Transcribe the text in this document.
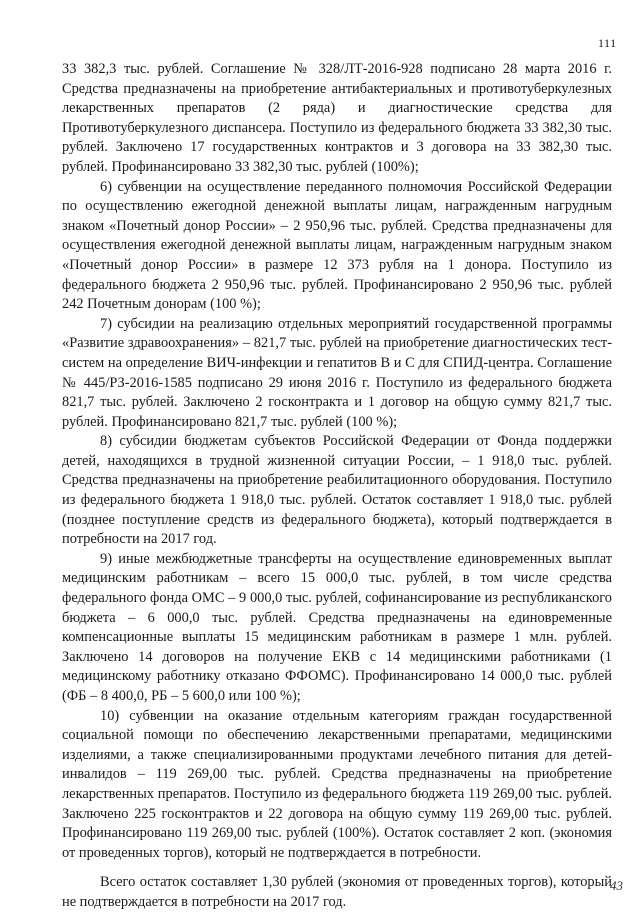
111

33 382,3 тыс. рублей. Соглашение № 328/ЛТ-2016-928 подписано 28 марта 2016 г. Средства предназначены на приобретение антибактериальных и противотуберкулезных лекарственных препаратов (2 ряда) и диагностические средства для Противотуберкулезного диспансера. Поступило из федерального бюджета 33 382,30 тыс. рублей. Заключено 17 государственных контрактов и 3 договора на 33 382,30 тыс. рублей. Профинансировано 33 382,30 тыс. рублей (100%);

6) субвенции на осуществление переданного полномочия Российской Федерации по осуществлению ежегодной денежной выплаты лицам, награжденным нагрудным знаком «Почетный донор России» – 2 950,96 тыс. рублей. Средства предназначены для осуществления ежегодной денежной выплаты лицам, награжденным нагрудным знаком «Почетный донор России» в размере 12 373 рубля на 1 донора. Поступило из федерального бюджета 2 950,96 тыс. рублей. Профинансировано 2 950,96 тыс. рублей 242 Почетным донорам (100 %);

7) субсидии на реализацию отдельных мероприятий государственной программы «Развитие здравоохранения» – 821,7 тыс. рублей на приобретение диагностических тест-систем на определение ВИЧ-инфекции и гепатитов В и С для СПИД-центра. Соглашение № 445/РЗ-2016-1585 подписано 29 июня 2016 г. Поступило из федерального бюджета 821,7 тыс. рублей. Заключено 2 госконтракта и 1 договор на общую сумму 821,7 тыс. рублей. Профинансировано 821,7 тыс. рублей (100 %);

8) субсидии бюджетам субъектов Российской Федерации от Фонда поддержки детей, находящихся в трудной жизненной ситуации России, – 1 918,0 тыс. рублей. Средства предназначены на приобретение реабилитационного оборудования. Поступило из федерального бюджета 1 918,0 тыс. рублей. Остаток составляет 1 918,0 тыс. рублей (позднее поступление средств из федерального бюджета), который подтверждается в потребности на 2017 год.

9) иные межбюджетные трансферты на осуществление единовременных выплат медицинским работникам – всего 15 000,0 тыс. рублей, в том числе средства федерального фонда ОМС – 9 000,0 тыс. рублей, софинансирование из республиканского бюджета – 6 000,0 тыс. рублей. Средства предназначены на единовременные компенсационные выплаты 15 медицинским работникам в размере 1 млн. рублей. Заключено 14 договоров на получение ЕКВ с 14 медицинскими работниками (1 медицинскому работнику отказано ФФОМС). Профинансировано 14 000,0 тыс. рублей (ФБ – 8 400,0, РБ – 5 600,0 или 100 %);

10) субвенции на оказание отдельным категориям граждан государственной социальной помощи по обеспечению лекарственными препаратами, медицинскими изделиями, а также специализированными продуктами лечебного питания для детей-инвалидов – 119 269,00 тыс. рублей. Средства предназначены на приобретение лекарственных препаратов. Поступило из федерального бюджета 119 269,00 тыс. рублей. Заключено 225 госконтрактов и 22 договора на общую сумму 119 269,00 тыс. рублей. Профинансировано 119 269,00 тыс. рублей (100%). Остаток составляет 2 коп. (экономия от проведенных торгов), который не подтверждается в потребности.

Всего остаток составляет 1,30 рублей (экономия от проведенных торгов), который не подтверждается в потребности на 2017 год.

43
